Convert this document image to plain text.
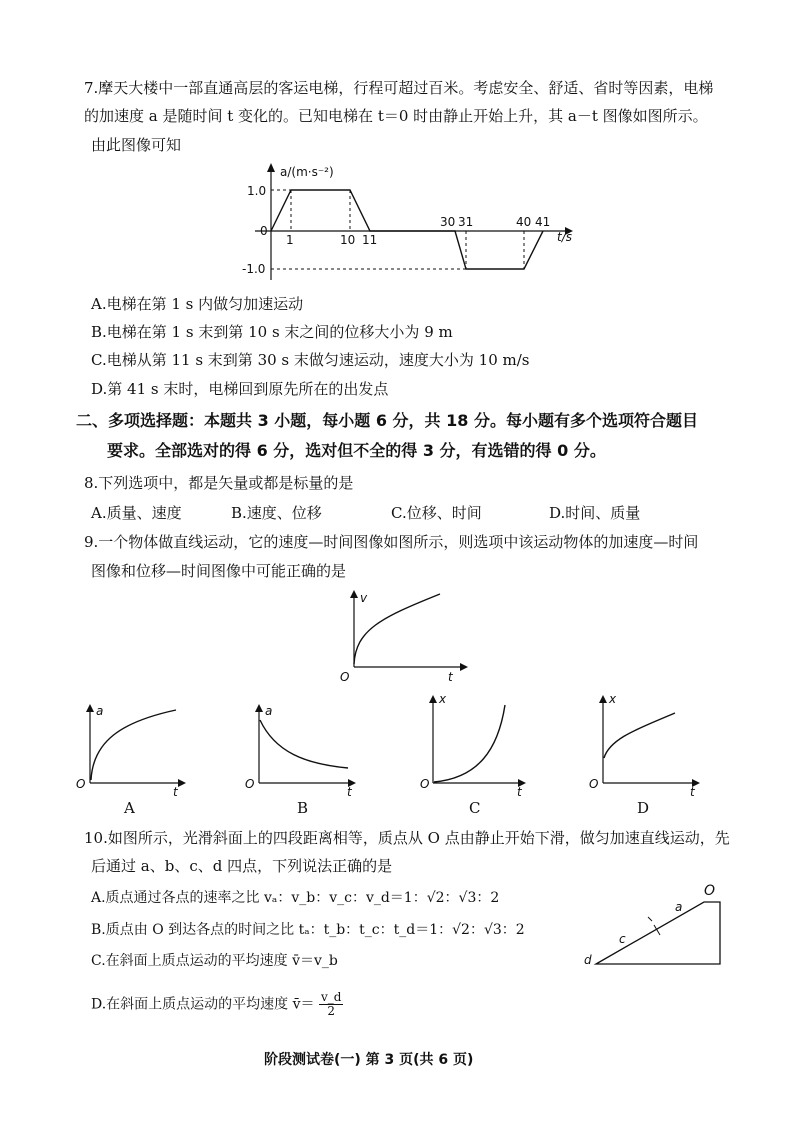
7.摩天大楼中一部直通高层的客运电梯，行程可超过百米。考虑安全、舒适、省时等因素，电梯
的加速度 a 是随时间 t 变化的。已知电梯在 t＝0 时由静止开始上升，其 a－t 图像如图所示。
由此图像可知
a/(m·s⁻²)
t/s
1.0
0
-1.0
1	10 11
30 31	40 41
A.电梯在第 1 s 内做匀加速运动
B.电梯在第 1 s 末到第 10 s 末之间的位移大小为 9 m
C.电梯从第 11 s 末到第 30 s 末做匀速运动，速度大小为 10 m/s
D.第 41 s 末时，电梯回到原先所在的出发点
二、多项选择题：本题共 3 小题，每小题 6 分，共 18 分。每小题有多个选项符合题目
要求。全部选对的得 6 分，选对但不全的得 3 分，有选错的得 0 分。
8.下列选项中，都是矢量或都是标量的是
A.质量、速度	B.速度、位移	C.位移、时间	D.时间、质量
9.一个物体做直线运动，它的速度—时间图像如图所示，则选项中该运动物体的加速度—时间
图像和位移—时间图像中可能正确的是
v
t
O
a
t
O
a
t
O
x
t
O
x
t
O
A	B	C	D
10.如图所示，光滑斜面上的四段距离相等，质点从 O 点由静止开始下滑，做匀加速直线运动，先
后通过 a、b、c、d 四点，下列说法正确的是
A.质点通过各点的速率之比 vₐ：v_b：v_c：v_d＝1：√2：√3：2
B.质点由 O 到达各点的时间之比 tₐ：t_b：t_c：t_d＝1：√2：√3：2
C.在斜面上质点运动的平均速度 v̄＝v_b
D.在斜面上质点运动的平均速度 v̄＝ $\frac{v\_d}{2}$
O
a
c
d
阶段测试卷(一) 第 3 页(共 6 页)
